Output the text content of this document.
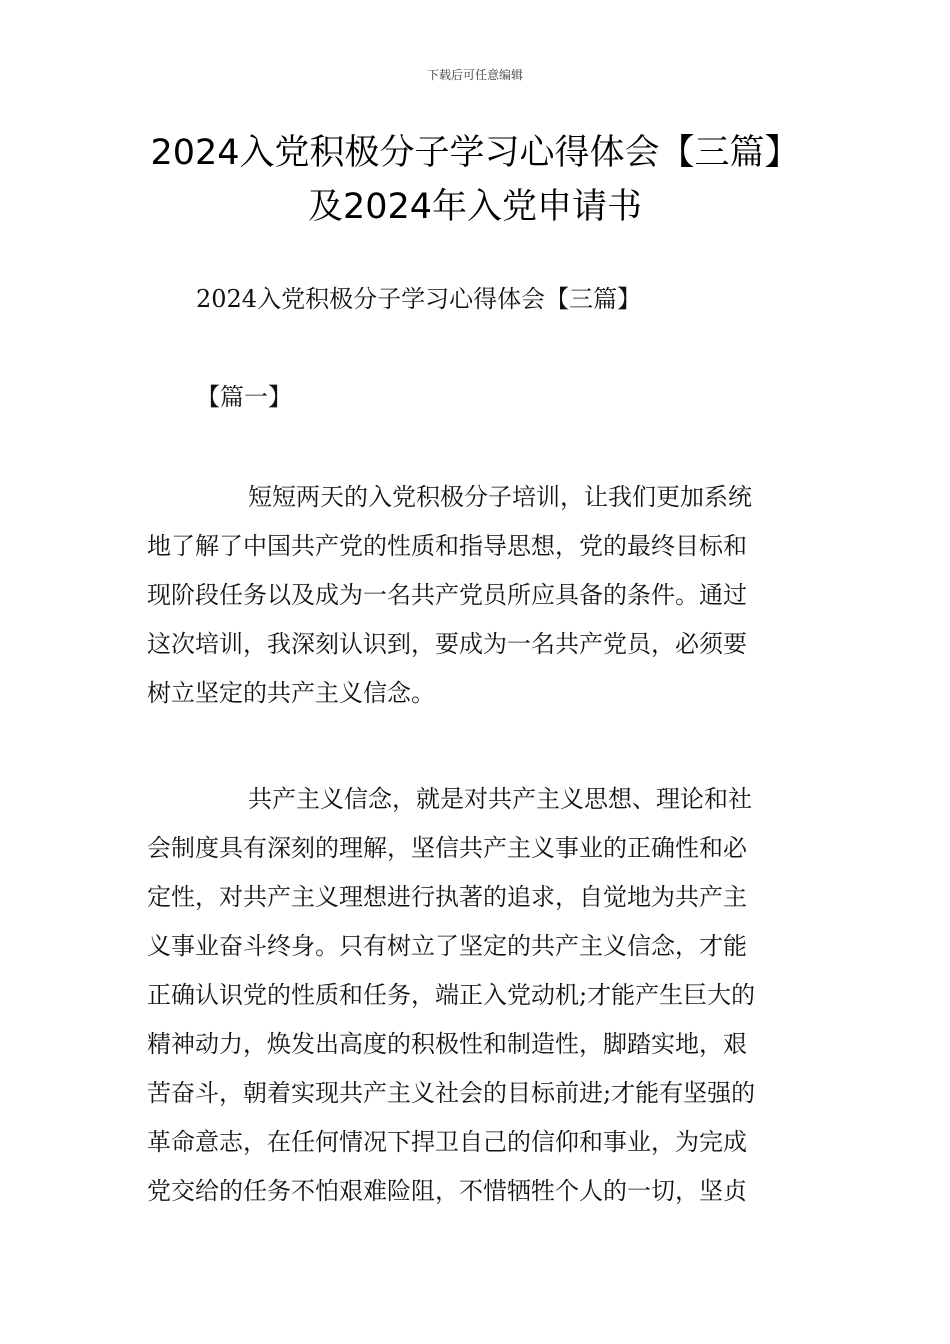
下载后可任意编辑
2024入党积极分子学习心得体会【三篇】
及2024年入党申请书
2024入党积极分子学习心得体会【三篇】
【篇一】
短短两天的入党积极分子培训，让我们更加系统
地了解了中国共产党的性质和指导思想，党的最终目标和
现阶段任务以及成为一名共产党员所应具备的条件。通过
这次培训，我深刻认识到，要成为一名共产党员，必须要
树立坚定的共产主义信念。
共产主义信念，就是对共产主义思想、理论和社
会制度具有深刻的理解，坚信共产主义事业的正确性和必
定性，对共产主义理想进行执著的追求，自觉地为共产主
义事业奋斗终身。只有树立了坚定的共产主义信念，才能
正确认识党的性质和任务，端正入党动机;才能产生巨大的
精神动力，焕发出高度的积极性和制造性，脚踏实地，艰
苦奋斗，朝着实现共产主义社会的目标前进;才能有坚强的
革命意志，在任何情况下捍卫自己的信仰和事业，为完成
党交给的任务不怕艰难险阻，不惜牺牲个人的一切，坚贞
